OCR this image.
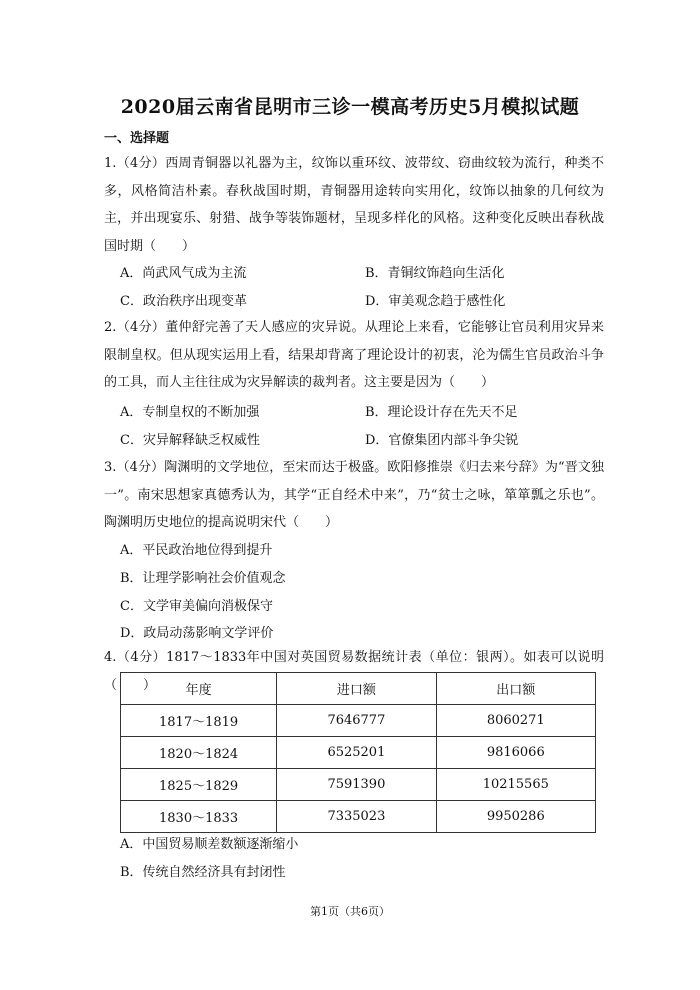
2020届云南省昆明市三诊一模高考历史5月模拟试题
一、选择题
1.（4分）西周青铜器以礼器为主，纹饰以重环纹、波带纹、窃曲纹较为流行，种类不多，风格简洁朴素。春秋战国时期，青铜器用途转向实用化，纹饰以抽象的几何纹为主，并出现宴乐、射猎、战争等装饰题材，呈现多样化的风格。这种变化反映出春秋战国时期（　　）
A．尚武风气成为主流	B．青铜纹饰趋向生活化
C．政治秩序出现变革	D．审美观念趋于感性化
2.（4分）董仲舒完善了天人感应的灾异说。从理论上来看，它能够让官员利用灾异来限制皇权。但从现实运用上看，结果却背离了理论设计的初衷，沦为儒生官员政治斗争的工具，而人主往往成为灾异解读的裁判者。这主要是因为（　　）
A．专制皇权的不断加强	B．理论设计存在先天不足
C．灾异解释缺乏权威性	D．官僚集团内部斗争尖锐
3.（4分）陶渊明的文学地位，至宋而达于极盛。欧阳修推崇《归去来兮辞》为“晋文独一”。南宋思想家真德秀认为，其学“正自经术中来”，乃“贫士之咏，箪箪瓢之乐也”。陶渊明历史地位的提高说明宋代（　　）
A．平民政治地位得到提升
B．让理学影响社会价值观念
C．文学审美偏向消极保守
D．政局动荡影响文学评价
4.（4分）1817～1833年中国对英国贸易数据统计表（单位：银两）。如表可以说明（　　）	年度	进口额	出口额
1817～1819	7646777	8060271
1820～1824	6525201	9816066
1825～1829	7591390	10215565
1830～1833	7335023	9950286
A．中国贸易顺差数额逐渐缩小
B．传统自然经济具有封闭性
第1页（共6页）
